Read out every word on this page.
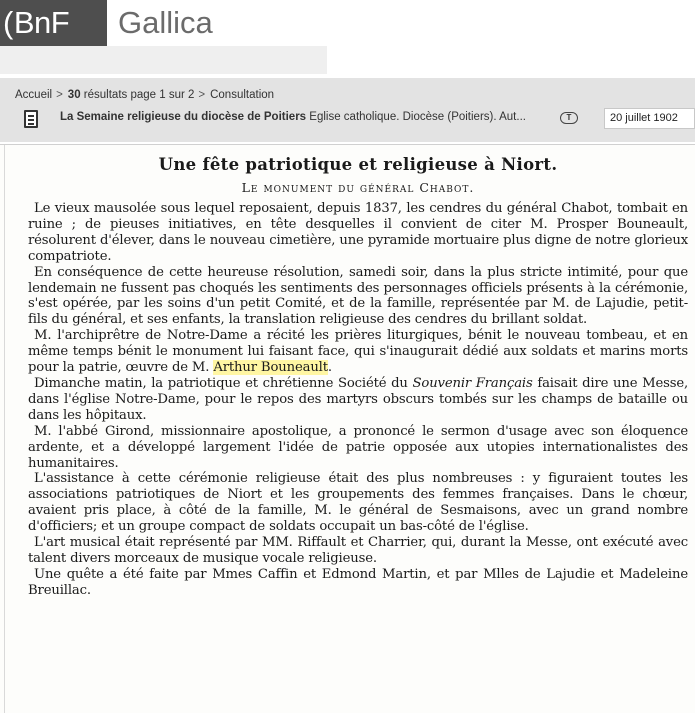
(BnF	Gallica
Accueil > 30 résultats page 1 sur 2 > Consultation
La Semaine religieuse du diocèse de Poitiers Église catholique. Diocèse (Poitiers). Aut...	T	20 juillet 1902
Une fête patriotique et religieuse à Niort.
Le monument du général Chabot.

Le vieux mausolée sous lequel reposaient, depuis 1837, les cendres du général Chabot, tombait en ruine ; de pieuses initiatives, en tête desquelles il convient de citer M. Prosper Bouneault, résolurent d'élever, dans le nouveau cimetière, une pyramide mortuaire plus digne de notre glorieux compatriote.

En conséquence de cette heureuse résolution, samedi soir, dans la plus stricte intimité, pour que lendemain ne fussent pas choqués les sentiments des personnages officiels présents à la cérémonie, s'est opérée, par les soins d'un petit Comité, et de la famille, représentée par M. de Lajudie, petit-fils du général, et ses enfants, la translation religieuse des cendres du brillant soldat.

M. l'archiprêtre de Notre-Dame a récité les prières liturgiques, bénit le nouveau tombeau, et en même temps bénit le monument lui faisant face, qui s'inaugurait dédié aux soldats et marins morts pour la patrie, œuvre de M. Arthur Bouneault.

Dimanche matin, la patriotique et chrétienne Société du Souvenir Français faisait dire une Messe, dans l'église Notre-Dame, pour le repos des martyrs obscurs tombés sur les champs de bataille ou dans les hôpitaux.

M. l'abbé Girond, missionnaire apostolique, a prononcé le sermon d'usage avec son éloquence ardente, et a développé largement l'idée de patrie opposée aux utopies internationalistes des humanitaires.

L'assistance à cette cérémonie religieuse était des plus nombreuses : y figuraient toutes les associations patriotiques de Niort et les groupements des femmes françaises. Dans le chœur, avaient pris place, à côté de la famille, M. le général de Sesmaisons, avec un grand nombre d'officiers; et un groupe compact de soldats occupait un bas-côté de l'église.

L'art musical était représenté par MM. Riffault et Charrier, qui, durant la Messe, ont exécuté avec talent divers morceaux de musique vocale religieuse.

Une quête a été faite par Mmes Caffin et Edmond Martin, et par Mlles de Lajudie et Madeleine Breuillac.
